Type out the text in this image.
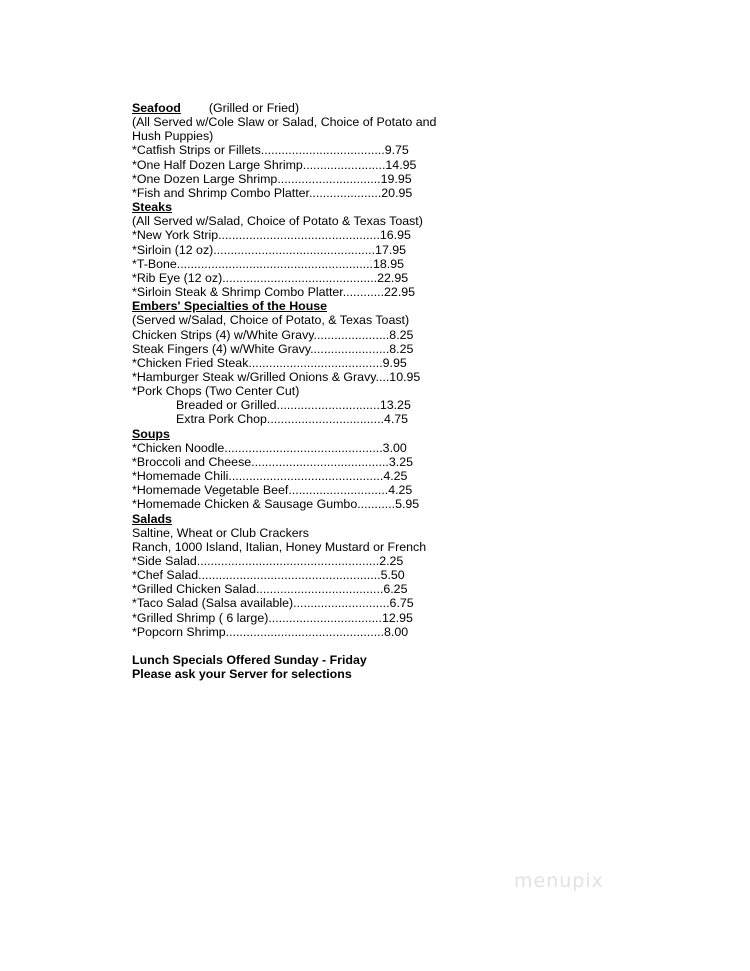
Seafood (Grilled or Fried)
(All Served w/Cole Slaw or Salad, Choice of Potato and Hush Puppies)
*Catfish Strips or Fillets....................................9.75
*One Half Dozen Large Shrimp........................14.95
*One Dozen Large Shrimp..............................19.95
*Fish and Shrimp Combo Platter.....................20.95
Steaks
(All Served w/Salad, Choice of Potato & Texas Toast)
*New York Strip...............................................16.95
*Sirloin (12 oz)...............................................17.95
*T-Bone.........................................................18.95
*Rib Eye (12 oz).............................................22.95
*Sirloin Steak & Shrimp Combo Platter............22.95
Embers' Specialties of the House
(Served w/Salad, Choice of Potato, & Texas Toast)
Chicken Strips (4) w/White Gravy......................8.25
Steak Fingers (4) w/White Gravy.......................8.25
*Chicken Fried Steak.......................................9.95
*Hamburger Steak w/Grilled Onions & Gravy....10.95
*Pork Chops (Two Center Cut)
Breaded or Grilled..............................13.25
Extra Pork Chop..................................4.75
Soups
*Chicken Noodle..............................................3.00
*Broccoli and Cheese........................................3.25
*Homemade Chili.............................................4.25
*Homemade Vegetable Beef.............................4.25
*Homemade Chicken & Sausage Gumbo...........5.95
Salads
Saltine, Wheat or Club Crackers
Ranch, 1000 Island, Italian, Honey Mustard or French
*Side Salad.....................................................2.25
*Chef Salad.....................................................5.50
*Grilled Chicken Salad.....................................6.25
*Taco Salad (Salsa available)............................6.75
*Grilled Shrimp ( 6 large).................................12.95
*Popcorn Shrimp..............................................8.00
Lunch Specials Offered Sunday - Friday
Please ask your Server for selections
menupix
